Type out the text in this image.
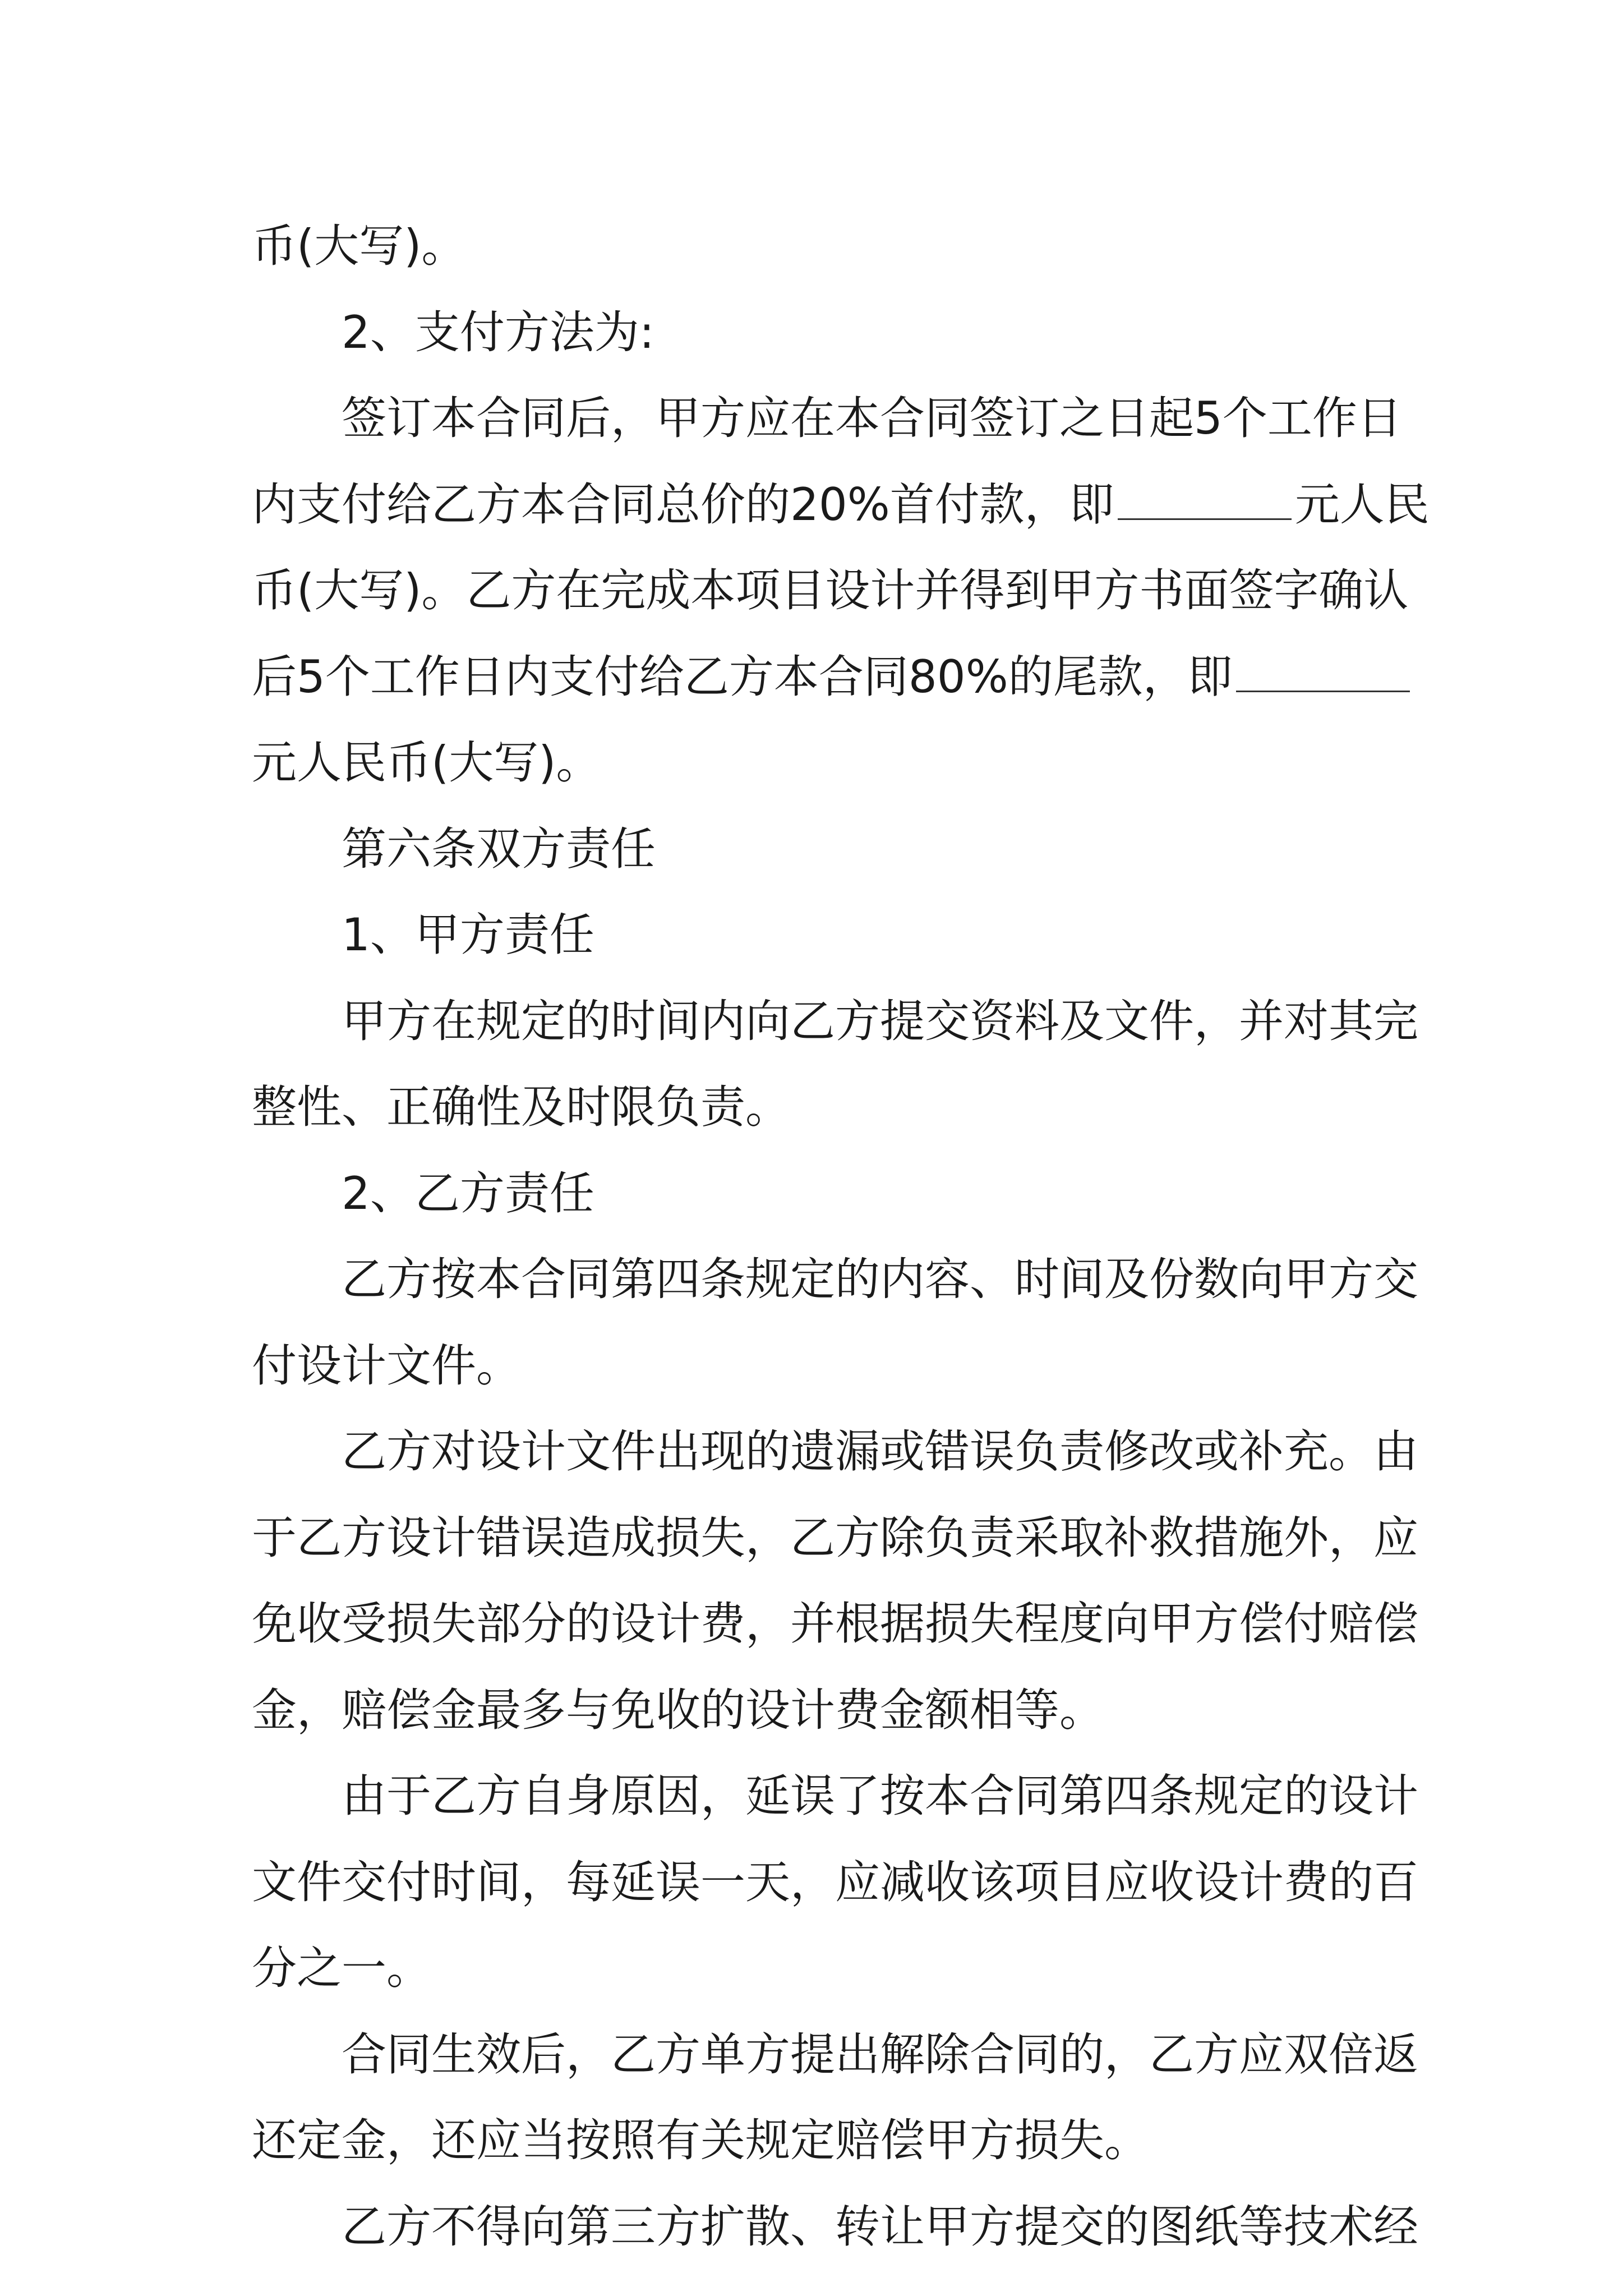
币(大写)。

2、支付方法为:

签订本合同后，甲方应在本合同签订之日起5个工作日

内支付给乙方本合同总价的20%首付款，即	元人民

币(大写)。乙方在完成本项目设计并得到甲方书面签字确认

后5个工作日内支付给乙方本合同80%的尾款，即

元人民币(大写)。

第六条双方责任

1、甲方责任

甲方在规定的时间内向乙方提交资料及文件，并对其完

整性、正确性及时限负责。

2、乙方责任

乙方按本合同第四条规定的内容、时间及份数向甲方交

付设计文件。

乙方对设计文件出现的遗漏或错误负责修改或补充。由

于乙方设计错误造成损失，乙方除负责采取补救措施外，应

免收受损失部分的设计费，并根据损失程度向甲方偿付赔偿

金，赔偿金最多与免收的设计费金额相等。

由于乙方自身原因，延误了按本合同第四条规定的设计

文件交付时间，每延误一天，应减收该项目应收设计费的百

分之一。

合同生效后，乙方单方提出解除合同的，乙方应双倍返

还定金，还应当按照有关规定赔偿甲方损失。

乙方不得向第三方扩散、转让甲方提交的图纸等技术经
